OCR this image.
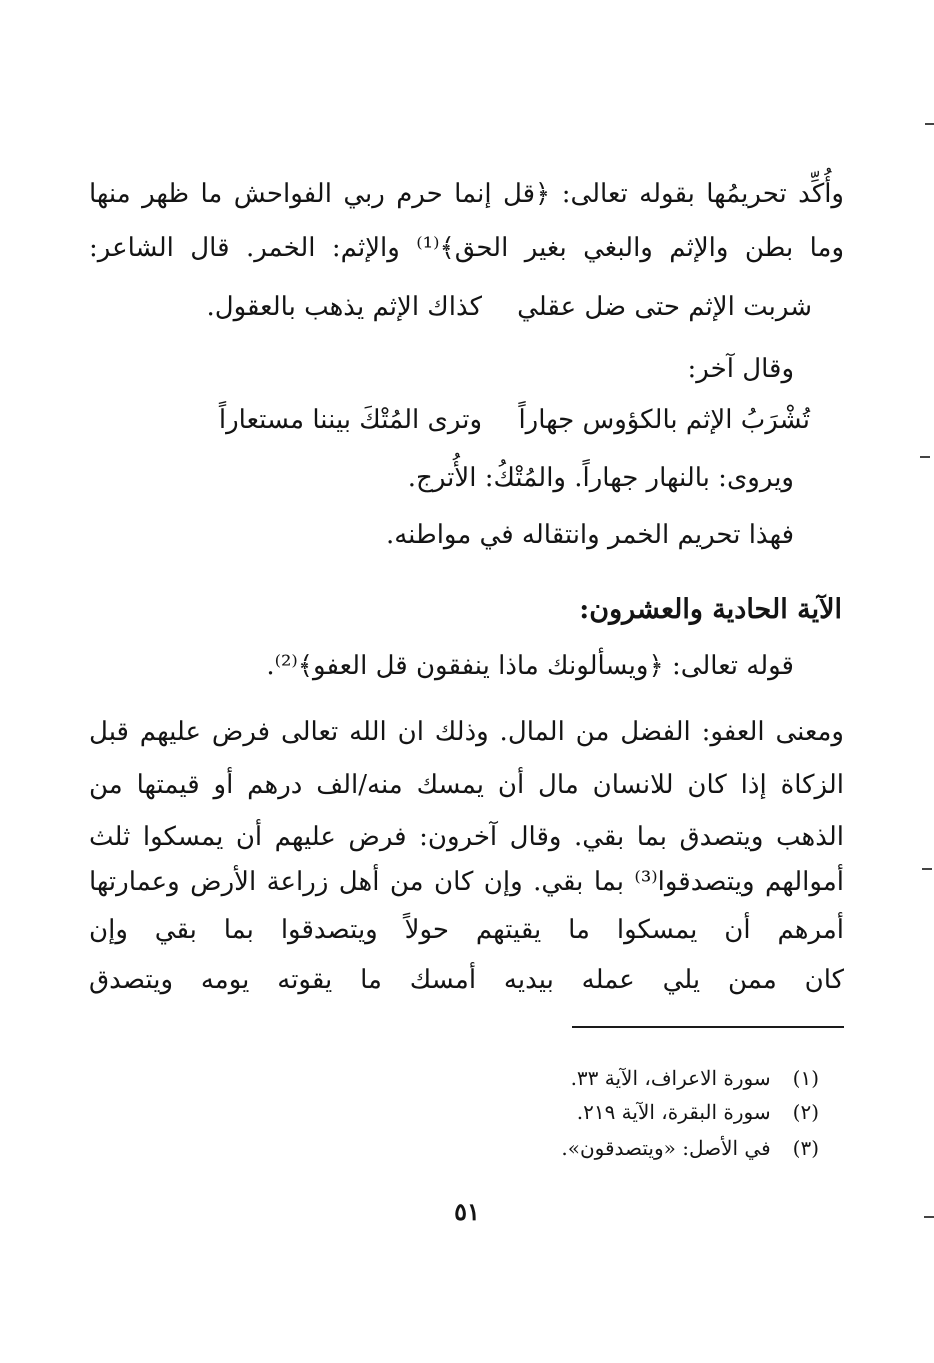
وأُكِّد تحريمُها بقوله تعالى: ﴿قل إنما حرم ربي الفواحش ما ظهر منها
وما بطن والإثم والبغي بغير الحق﴾⁽¹⁾ والإثم: الخمر. قال الشاعر:
شربت الإثم حتى ضل عقلي
كذاك الإثم يذهب بالعقول.
وقال آخر:
تُشْرَبُ الإثم بالكؤوس جهاراً
وترى المُتْكَ بيننا مستعاراً
ويروى: بالنهار جهاراً. والمُتْكُ: الأُترج.
فهذا تحريم الخمر وانتقاله في مواطنه.
الآية الحادية والعشرون:
قوله تعالى: ﴿ويسألونك ماذا ينفقون قل العفو﴾⁽²⁾.
ومعنى العفو: الفضل من المال. وذلك ان الله تعالى فرض عليهم قبل
الزكاة إذا كان للانسان مال أن يمسك منه/الف درهم أو قيمتها من
الذهب ويتصدق بما بقي. وقال آخرون: فرض عليهم أن يمسكوا ثلث
أموالهم ويتصدقوا⁽³⁾ بما بقي. وإن كان من أهل زراعة الأرض وعمارتها
أمرهم أن يمسكوا ما يقيتهم حولاً ويتصدقوا بما بقي وإن
كان ممن يلي عمله بيديه أمسك ما يقوته يومه ويتصدق
(١) سورة الاعراف، الآية ٣٣.
(٢) سورة البقرة، الآية ٢١٩.
(٣) في الأصل: «ويتصدقون».
٥١
